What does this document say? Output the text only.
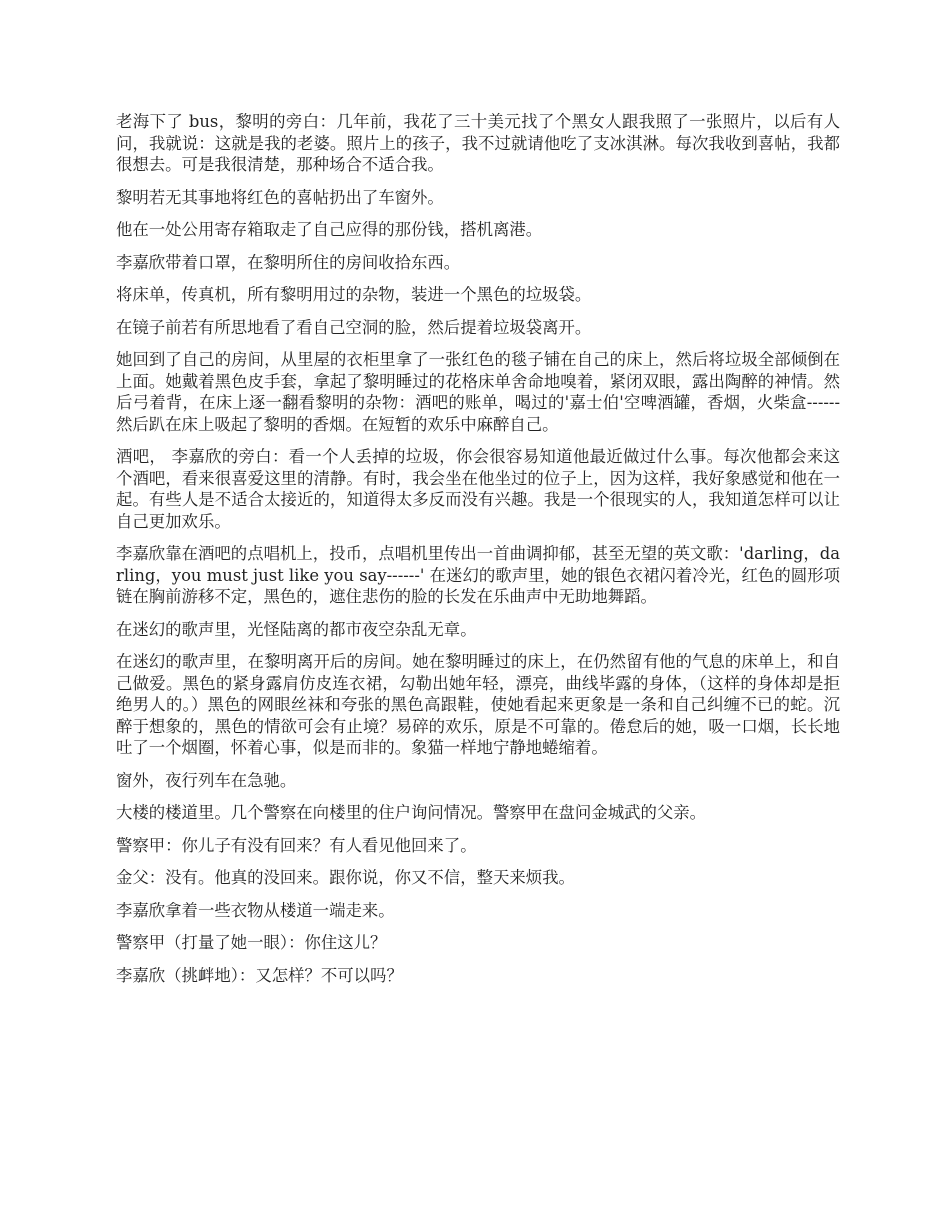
老海下了 bus，黎明的旁白：几年前，我花了三十美元找了个黑女人跟我照了一张照片，以后有人问，我就说：这就是我的老婆。照片上的孩子，我不过就请他吃了支冰淇淋。每次我收到喜帖，我都很想去。可是我很清楚，那种场合不适合我。

黎明若无其事地将红色的喜帖扔出了车窗外。

他在一处公用寄存箱取走了自己应得的那份钱，搭机离港。

李嘉欣带着口罩，在黎明所住的房间收拾东西。

将床单，传真机，所有黎明用过的杂物，装进一个黑色的垃圾袋。

在镜子前若有所思地看了看自己空洞的脸，然后提着垃圾袋离开。

她回到了自己的房间，从里屋的衣柜里拿了一张红色的毯子铺在自己的床上，然后将垃圾全部倾倒在上面。她戴着黑色皮手套，拿起了黎明睡过的花格床单舍命地嗅着，紧闭双眼，露出陶醉的神情。然后弓着背，在床上逐一翻看黎明的杂物：酒吧的账单，喝过的'嘉士伯'空啤酒罐，香烟，火柴盒------然后趴在床上吸起了黎明的香烟。在短暂的欢乐中麻醉自己。

酒吧， 李嘉欣的旁白：看一个人丢掉的垃圾，你会很容易知道他最近做过什么事。每次他都会来这个酒吧，看来很喜爱这里的清静。有时，我会坐在他坐过的位子上，因为这样，我好象感觉和他在一起。有些人是不适合太接近的，知道得太多反而没有兴趣。我是一个很现实的人，我知道怎样可以让自己更加欢乐。

李嘉欣靠在酒吧的点唱机上，投币，点唱机里传出一首曲调抑郁，甚至无望的英文歌：'darling，darling，you must just like you say------' 在迷幻的歌声里，她的银色衣裙闪着冷光，红色的圆形项链在胸前游移不定，黑色的，遮住悲伤的脸的长发在乐曲声中无助地舞蹈。

在迷幻的歌声里，光怪陆离的都市夜空杂乱无章。

在迷幻的歌声里，在黎明离开后的房间。她在黎明睡过的床上，在仍然留有他的气息的床单上，和自己做爱。黑色的紧身露肩仿皮连衣裙，勾勒出她年轻，漂亮，曲线毕露的身体，（这样的身体却是拒绝男人的。）黑色的网眼丝袜和夸张的黑色高跟鞋，使她看起来更象是一条和自己纠缠不已的蛇。沉醉于想象的，黑色的情欲可会有止境？易碎的欢乐，原是不可靠的。倦怠后的她，吸一口烟，长长地吐了一个烟圈，怀着心事，似是而非的。象猫一样地宁静地蜷缩着。

窗外，夜行列车在急驰。

大楼的楼道里。几个警察在向楼里的住户询问情况。警察甲在盘问金城武的父亲。

警察甲：你儿子有没有回来？有人看见他回来了。

金父：没有。他真的没回来。跟你说，你又不信，整天来烦我。

李嘉欣拿着一些衣物从楼道一端走来。

警察甲（打量了她一眼）：你住这儿？

李嘉欣（挑衅地）：又怎样？不可以吗？
